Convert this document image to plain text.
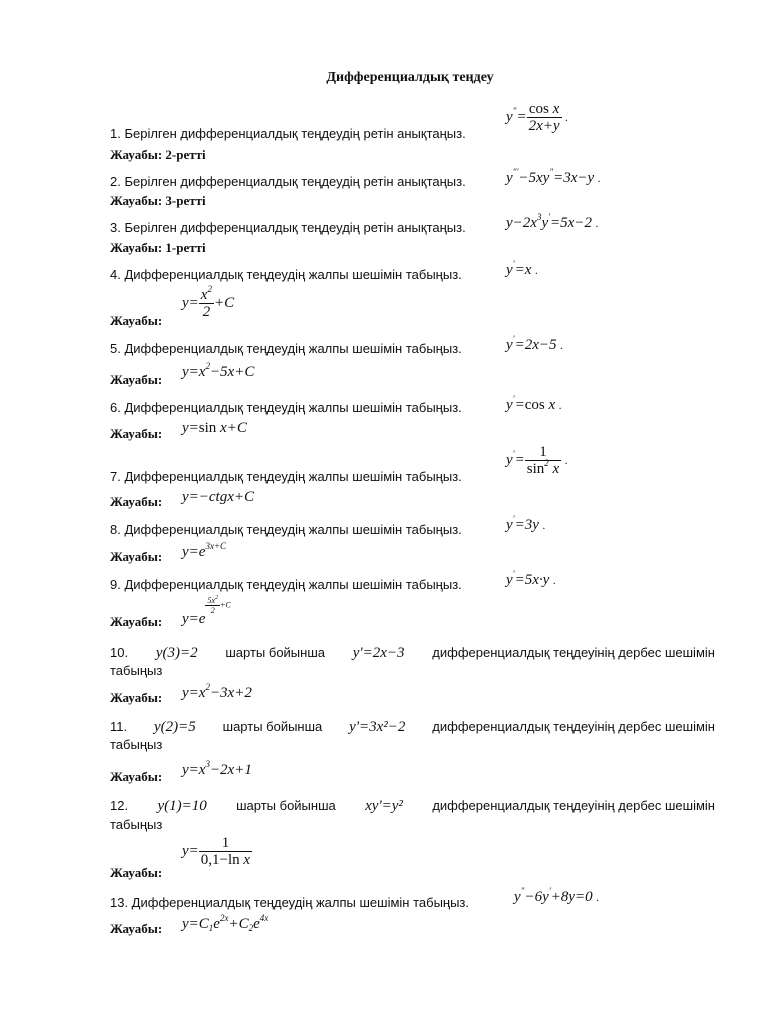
Дифференциалдық теңдеу
1. Берілген дифференциалдық теңдеудің ретін анықтаңыз.
$y^"= \frac{\text{cos x}}{2x+y}$ .
Жауабы: 2-ретті
2. Берілген дифференциалдық теңдеудің ретін анықтаңыз.	y"'−5xy"=3x−y .
Жауабы: 3-ретті
3. Берілген дифференциалдық теңдеудің ретін анықтаңыз.	$y-2x^3y'=5x-2$ .
Жауабы: 1-ретті
4. Дифференциалдық теңдеудің жалпы шешімін табыңыз.	y'=x .
Жауабы:
$y= \frac{x^2}{2} +C$
5. Дифференциалдық теңдеудің жалпы шешімін табыңыз.	y'=2x−5 .
Жауабы:	$y=x^2-5x+C$
6. Дифференциалдық теңдеудің жалпы шешімін табыңыз.	y'=cos x .
Жауабы:	y=sin x+C
7. Дифференциалдық теңдеудің жалпы шешімін табыңыз.
$y'= \frac{1}{\sin^2 x}$ .
Жауабы:	y=−ctgx+C
8. Дифференциалдық теңдеудің жалпы шешімін табыңыз.	y'=3y .
Жауабы:	$y=e^{3x+C}$
9. Дифференциалдық теңдеудің жалпы шешімін табыңыз.	y'=5x·y .
Жауабы:	y=e
$\frac{5x^2}{2} +C$
10. y(3)=2 шарты бойынша y'=2x−3 дифференциалдық теңдеуінің дербес шешімін
табыңыз
Жауабы:	$y=x^2-3x+2$
11. y(2)=5 шарты бойынша y'=3x²−2 дифференциалдық теңдеуінің дербес шешімін
табыңыз
Жауабы:	$y=x^3-2x+1$
12. y(1)=10 шарты бойынша xy'=y² дифференциалдық теңдеуінің дербес шешімін
табыңыз
Жауабы:
$y= \frac{1}{\text{0,1−ln x}}$
13. Дифференциалдық теңдеудің жалпы шешімін табыңыз.	y"−6y'+8y=0 .
Жауабы:	$y=C_1e^{2x}+C_2e^{4x}$
